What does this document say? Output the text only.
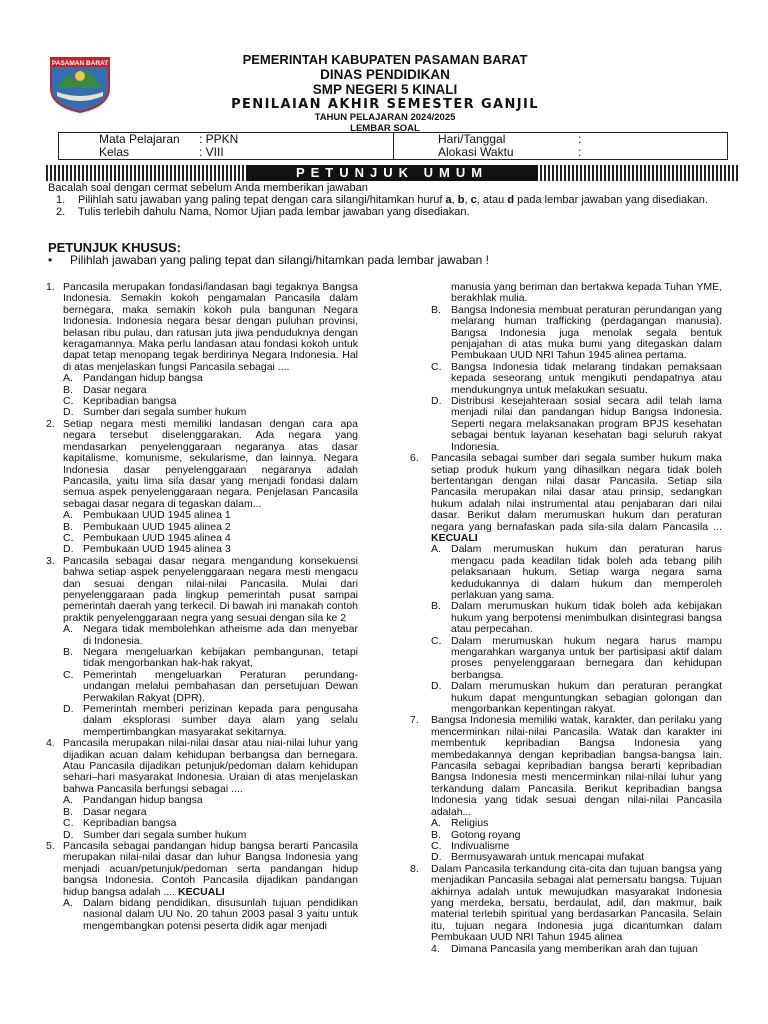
PASAMAN BARAT	PEMERINTAH KABUPATEN PASAMAN BARAT
DINAS PENDIDIKAN
SMP NEGERI 5 KINALI
PENILAIAN AKHIR SEMESTER GANJIL
TAHUN PELAJARAN 2024/2025
LEMBAR SOAL
Mata Pelajaran	: PPKN
Kelas	: VIII
Hari/Tanggal	:
Alokasi Waktu	:
PETUNJUK UMUM
Bacalah soal dengan cermat sebelum Anda memberikan jawaban
1.	Pilihlah satu jawaban yang paling tepat dengan cara silangi/hitamkan huruf a, b, c, atau d pada lembar jawaban yang disediakan.
2.	Tulis terlebih dahulu Nama, Nomor Ujian pada lembar jawaban yang disediakan.
PETUNJUK KHUSUS:
•	Pilihlah jawaban yang paling tepat dan silangi/hitamkan pada lembar jawaban !
1. Pancasila merupakan fondasi/landasan bagi tegaknya Bangsa Indonesia. Semakin kokoh pengamalan Pancasila dalam bernegara, maka semakin kokoh pula bangunan Negara Indonesia. Indonesia negara besar dengan puluhan provinsi, belasan ribu pulau, dan ratusan juta jiwa penduduknya dengan keragamannya. Maka perlu landasan atau fondasi kokoh untuk dapat tetap menopang tegak berdirinya Negara Indonesia. Hal di atas menjelaskan fungsi Pancasila sebagai ....
A. Pandangan hidup bangsa
B. Dasar negara
C. Kepribadian bangsa
D. Sumber dari segala sumber hukum
2. Setiap negara mesti memiliki landasan dengan cara apa negara tersebut diselenggarakan. Ada negara yang mendasarkan penyelenggaraan negaranya atas dasar kapitalisme, komunisme, sekularisme, dan lainnya. Negara Indonesia dasar penyelenggaraan negaranya adalah Pancasila, yaitu lima sila dasar yang menjadi fondasi dalam semua aspek penyelenggaraan negara. Penjelasan Pancasila sebagai dasar negara di tegaskan dalam...
A. Pembukaan UUD 1945 alinea 1
B. Pembukaan UUD 1945 alinea 2
C. Pembukaan UUD 1945 alinea 4
D. Pembukaan UUD 1945 alinea 3
3. Pancasila sebagai dasar negara mengandung konsekuensi bahwa setiap aspek penyelenggaraan negara mesti mengacu dan sesuai dengan nilai-nilai Pancasila. Mulai dari penyelenggaraan pada lingkup pemerintah pusat sampai pemerintah daerah yang terkecil. Di bawah ini manakah contoh praktik penyelenggaraan negra yang sesuai dengan sila ke 2
A. Negara tidak membolehkan atheisme ada dan menyebar di Indonesia.
B. Negara mengeluarkan kebijakan pembangunan, tetapi tidak mengorbankan hak-hak rakyat,
C. Pemerintah mengeluarkan Peraturan perundang-undangan melalui pembahasan dan persetujuan Dewan Perwakilan Rakyat (DPR).
D. Pemerintah memberi perizinan kepada para pengusaha dalam eksplorasi sumber daya alam yang selalu mempertimbangkan masyarakat sekitarnya.
4. Pancasila merupakan nilai-nilai dasar atau niai-nilai luhur yang dijadikan acuan dalam kehidupan berbangsa dan bernegara. Atau Pancasila dijadikan petunjuk/pedoman dalam kehidupan sehari–hari masyarakat Indonesia. Uraian di atas menjelaskan bahwa Pancasila berfungsi sebagai ....
A. Pandangan hidup bangsa
B. Dasar negara
C. Kepribadian bangsa
D. Sumber dari segala sumber hukum
5. Pancasila sebagai pandangan hidup bangsa berarti Pancasila merupakan nilai-nilai dasar dan luhur Bangsa Indonesia yang menjadi acuan/petunjuk/pedoman serta pandangan hidup bangsa Indonesia. Contoh Pancasila dijadikan pandangan hidup bangsa adalah .... KECUALI
A. Dalam bidang pendidikan, disusunlah tujuan pendidikan nasional dalam UU No. 20 tahun 2003 pasal 3 yaitu untuk mengembangkan potensi peserta didik agar menjadi
manusia yang beriman dan bertakwa kepada Tuhan YME, berakhlak mulia.
B. Bangsa Indonesia membuat peraturan perundangan yang melarang human trafficking (perdagangan manusia). Bangsa Indonesia juga menolak segala bentuk penjajahan di atas muka bumi yang ditegaskan dalam Pembukaan UUD NRI Tahun 1945 alinea pertama.
C. Bangsa Indonesia tidak melarang tindakan pemaksaan kepada seseorang untuk mengikuti pendapatnya atau mendukungnya untuk melakukan sesuatu.
D. Distribusi kesejahteraan sosial secara adil telah lama menjadi nilai dan pandangan hidup Bangsa Indonesia. Seperti negara melaksanakan program BPJS kesehatan sebagai bentuk layanan kesehatan bagi seluruh rakyat Indonesia.
6.	Pancasila sebagai sumber dari segala sumber hukum maka setiap produk hukum yang dihasilkan negara tidak boleh bertentangan dengan nilai dasar Pancasila. Setiap sila Pancasila merupakan nilai dasar atau prinsip, sedangkan hukum adalah nilai instrumental atau penjabaran dari nilai dasar. Berikut dalam merumuskan hukum dan peraturan negara yang bernafaskan pada sila-sila dalam Pancasila ... KECUALI
A. Dalam merumuskan hukum dan peraturan harus mengacu pada keadilan tidak boleh ada tebang pilih pelaksanaan hukum. Setiap warga negara sama kedudukannya di dalam hukum dan memperoleh perlakuan yang sama.
B. Dalam merumuskan hukum tidak boleh ada kebijakan hukum yang berpotensi menimbulkan disintegrasi bangsa atau perpecahan.
C. Dalam merumuskan hukum negara harus mampu mengarahkan warganya untuk ber partisipasi aktif dalam proses penyelenggaraan bernegara dan kehidupan berbangsa.
D. Dalam merumuskan hukum dan peraturan perangkat hukum dapat menguntungkan sebagian golongan dan mengorbankan kepentingan rakyat.
7.	Bangsa Indonesia memiliki watak, karakter, dan perilaku yang mencerminkan nilai-nilai Pancasila. Watak dan karakter ini membentuk kepribadian Bangsa Indonesia yang membedakannya dengan kepribadian bangsa-bangsa lain. Pancasila sebagai kepribadian bangsa berarti kepribadian Bangsa Indonesia mesti mencerminkan nilai-nilai luhur yang terkandung dalam Pancasila. Berikut kepribadian bangsa Indonesia yang tidak sesuai dengan nilai-nilai Pancasila adalah...
A. Religius
B. Gotong royang
C. Indivualisme
D. Bermusyawarah untuk mencapai mufakat
8.	Dalam Pancasila terkandung cita-cita dan tujuan bangsa yang menjadikan Pancasila sebagai alat pemersatu bangsa. Tujuan akhirnya adalah untuk mewujudkan masyarakat Indonesia yang merdeka, bersatu, berdaulat, adil, dan makmur, baik material terlebih spiritual yang berdasarkan Pancasila. Selain itu, tujuan negara Indonesia juga dicantumkan dalam Pembukaan UUD NRI Tahun 1945 alinea
4.	Dimana Pancasila yang memberikan arah dan tujuan
